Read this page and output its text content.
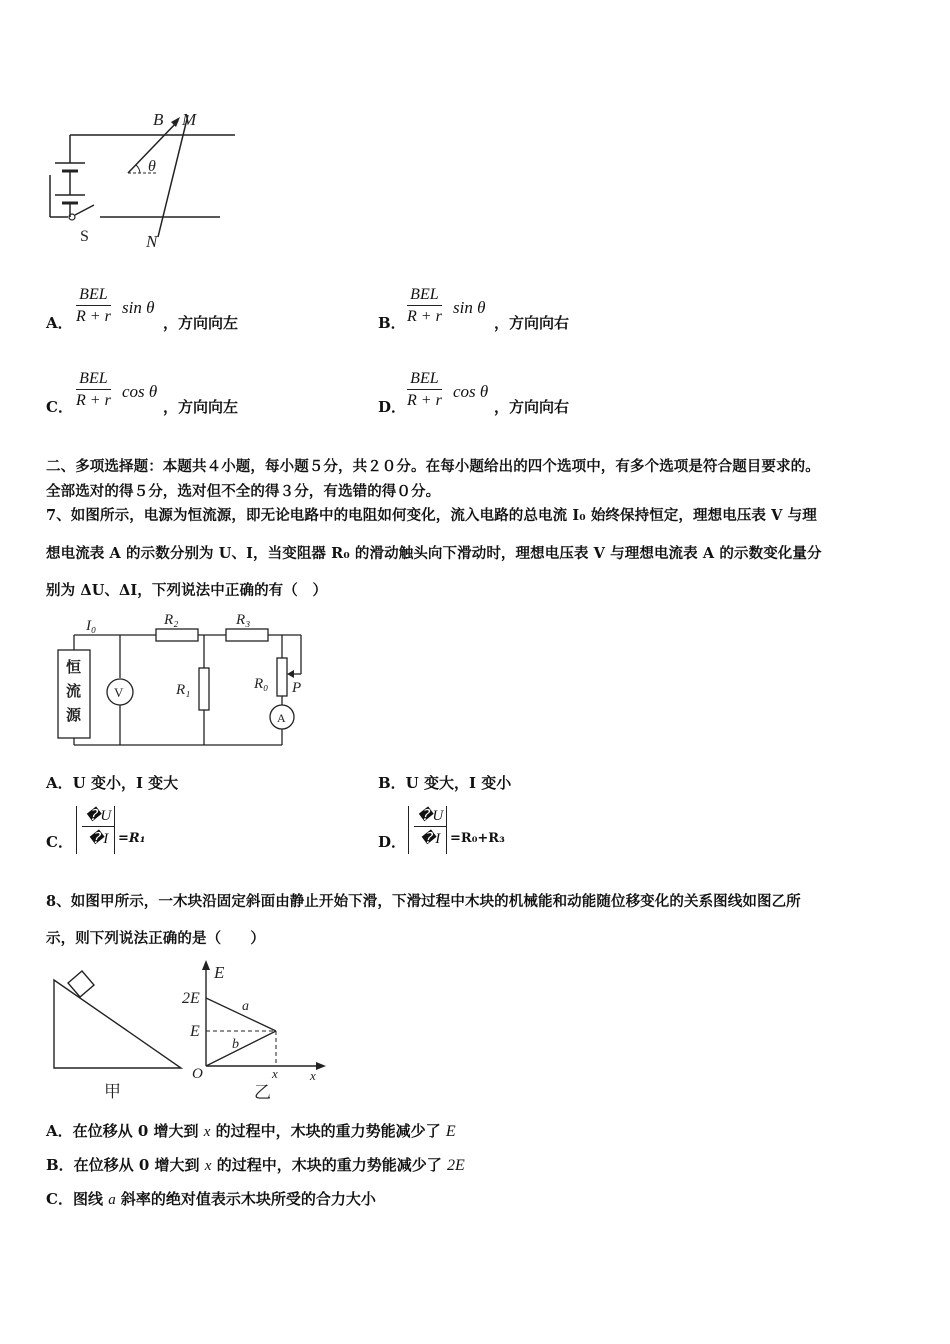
B M
θ
S	N
A．
BEL
R + r sin θ
，方向向左	B．
BEL
R + r sin θ
，方向向右
C．
BEL
R + r cos θ
，方向向左	D．
BEL
R + r cos θ
，方向向右
二、多项选择题：本题共４小题，每小题５分，共２０分。在每小题给出的四个选项中，有多个选项是符合题目要求的。
全部选对的得５分，选对但不全的得３分，有选错的得０分。
7、如图所示，电源为恒流源，即无论电路中的电阻如何变化，流入电路的总电流 I₀ 始终保持恒定，理想电压表 V 与理
想电流表 A 的示数分别为 U、I，当变阻器 R₀ 的滑动触头向下滑动时，理想电压表 V 与理想电流表 A 的示数变化量分
别为 ΔU、ΔI，下列说法中正确的有（　）
I₀	R₂	R₃
R₁	R₀ P
V
A
恒
流
源
A．U 变小，I 变大	B．U 变大，I 变小
C． $\frac{�U}{�I} =R_1$	D． $\frac{�U}{�I} =R_0+R_3$
8、如图甲所示，一木块沿固定斜面由静止开始下滑，下滑过程中木块的机械能和动能随位移变化的关系图线如图乙所
示，则下列说法正确的是（　　）
甲
E
2E
E
a
b
O	x x
乙
A．在位移从 0 增大到 x 的过程中，木块的重力势能减少了 E
B．在位移从 0 增大到 x 的过程中，木块的重力势能减少了 2E
C．图线 a 斜率的绝对值表示木块所受的合力大小
